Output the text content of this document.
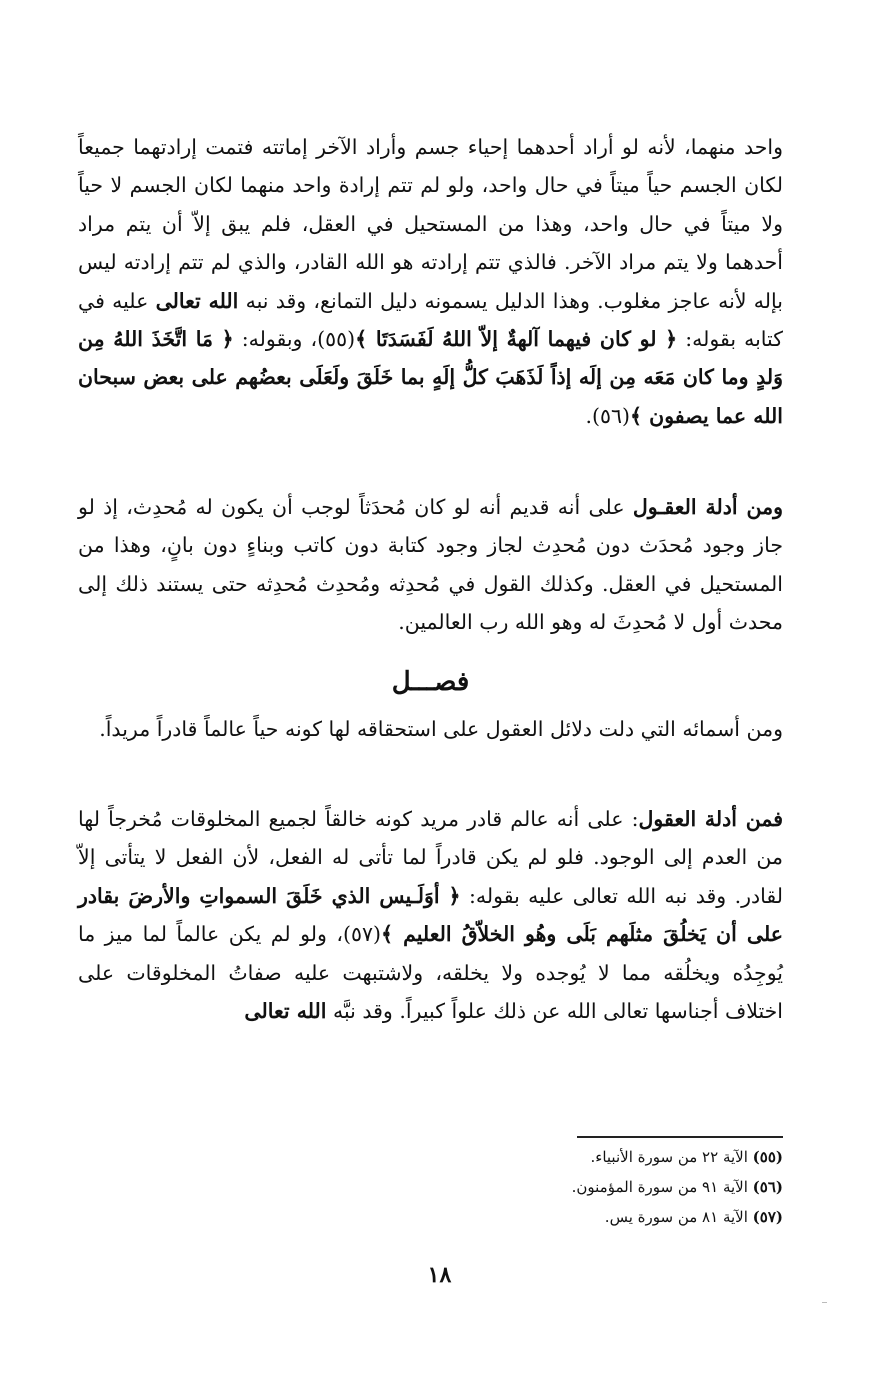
واحد منهما، لأنه لو أراد أحدهما إحياء جسم وأراد الآخر إماتته فتمت إرادتهما جميعاً لكان الجسم حياً ميتاً في حال واحد، ولو لم تتم إرادة واحد منهما لكان الجسم لا حياً ولا ميتاً في حال واحد، وهذا من المستحيل في العقل، فلم يبق إلاّ أن يتم مراد أحدهما ولا يتم مراد الآخر. فالذي تتم إرادته هو الله القادر، والذي لم تتم إرادته ليس بإله لأنه عاجز مغلوب. وهذا الدليل يسمونه دليل التمانع، وقد نبه الله تعالى عليه في كتابه بقوله: ﴿ لو كان فيهما آلهةٌ إلاّ اللهُ لَفَسَدَتَا ﴾(٥٥)، وبقوله: ﴿ مَا اتَّخَذَ اللهُ مِن وَلدٍ وما كان مَعَه مِن إلَه إذاً لَذَهَبَ كلُّ إلَهٍ بما خَلَقَ ولَعَلَى بعضُهم على بعض سبحان الله عما يصفون ﴾(٥٦).

ومن أدلة العقـول على أنه قديم أنه لو كان مُحدَثاً لوجب أن يكون له مُحدِث، إذ لو جاز وجود مُحدَث دون مُحدِث لجاز وجود كتابة دون كاتب وبناءٍ دون بانٍ، وهذا من المستحيل في العقل. وكذلك القول في مُحدِثه ومُحدِث مُحدِثه حتى يستند ذلك إلى محدث أول لا مُحدِثَ له وهو الله رب العالمين.

فصـــل

ومن أسمائه التي دلت دلائل العقول على استحقاقه لها كونه حياً عالماً قادراً مريداً.

فمن أدلة العقول: على أنه عالم قادر مريد كونه خالقاً لجميع المخلوقات مُخرجاً لها من العدم إلى الوجود. فلو لم يكن قادراً لما تأتى له الفعل، لأن الفعل لا يتأتى إلاّ لقادر. وقد نبه الله تعالى عليه بقوله: ﴿ أوَلَـيس الذي خَلَقَ السمواتِ والأرضَ بقادر على أن يَخلُقَ مثلَهم بَلَى وهُو الخلاّقُ العليم ﴾(٥٧)، ولو لم يكن عالماً لما ميز ما يُوجِدُه ويخلُقه مما لا يُوجده ولا يخلقه، ولاشتبهت عليه صفاتُ المخلوقات على اختلاف أجناسها تعالى الله عن ذلك علواً كبيراً. وقد نبَّه الله تعالى

(٥٥) الآية ٢٢ من سورة الأنبياء.
(٥٦) الآية ٩١ من سورة المؤمنون.
(٥٧) الآية ٨١ من سورة يس.
١٨
